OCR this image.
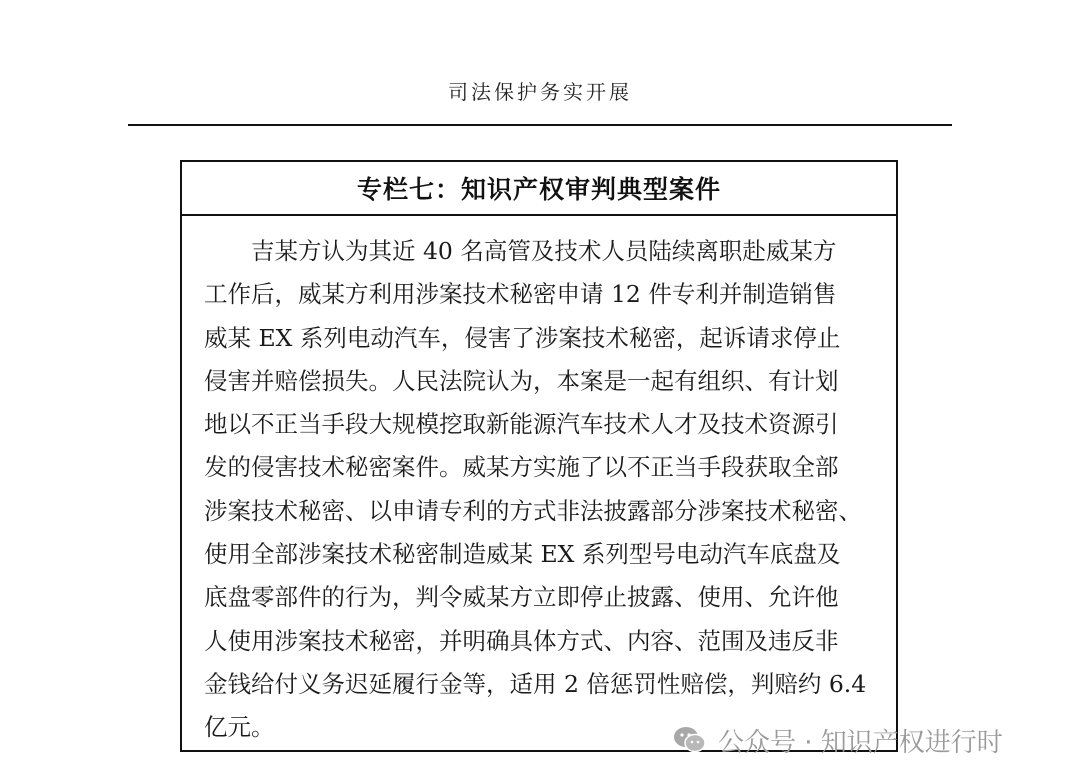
司法保护务实开展
专栏七：知识产权审判典型案件
吉某方认为其近 40 名高管及技术人员陆续离职赴威某方
工作后，威某方利用涉案技术秘密申请 12 件专利并制造销售
威某 EX 系列电动汽车，侵害了涉案技术秘密，起诉请求停止
侵害并赔偿损失。人民法院认为，本案是一起有组织、有计划
地以不正当手段大规模挖取新能源汽车技术人才及技术资源引
发的侵害技术秘密案件。威某方实施了以不正当手段获取全部
涉案技术秘密、以申请专利的方式非法披露部分涉案技术秘密、
使用全部涉案技术秘密制造威某 EX 系列型号电动汽车底盘及
底盘零部件的行为，判令威某方立即停止披露、使用、允许他
人使用涉案技术秘密，并明确具体方式、内容、范围及违反非
金钱给付义务迟延履行金等，适用 2 倍惩罚性赔偿，判赔约 6.4
亿元。
公众号 · 知识产权进行时
